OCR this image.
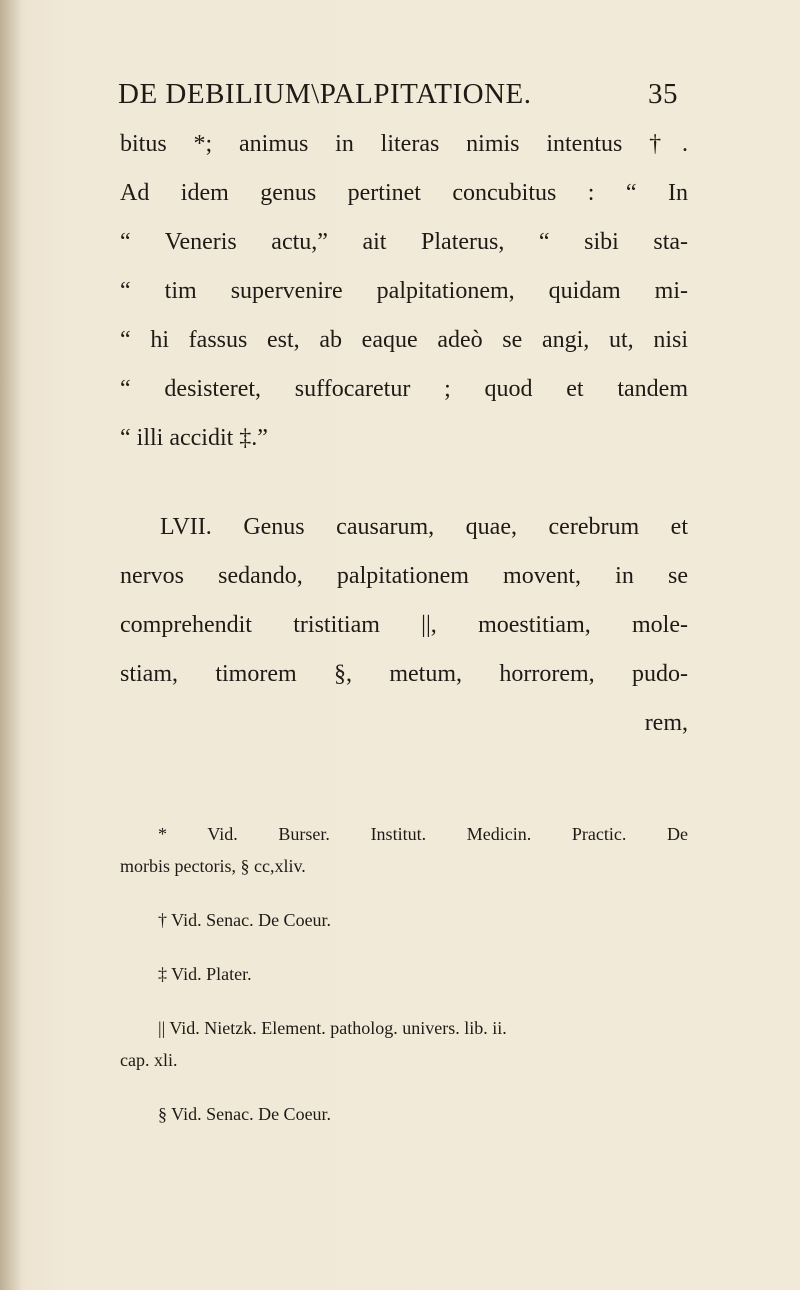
DE DEBILIUM\PALPITATIONE.	35
bitus *; animus in literas nimis intentus †.
Ad idem genus pertinet concubitus : “ In
“ Veneris actu,” ait Platerus, “ sibi sta-
“ tim supervenire palpitationem, quidam mi-
“ hi fassus est, ab eaque adeò se angi, ut, nisi
“ desisteret, suffocaretur ; quod et tandem
“ illi accidit ‡.”
LVII. Genus causarum, quae, cerebrum et
nervos sedando, palpitationem movent, in se
comprehendit tristitiam ||, moestitiam, mole-
stiam, timorem §, metum, horrorem, pudo-
rem,
* Vid. Burser. Institut. Medicin. Practic. De
morbis pectoris, § cc,xliv.
† Vid. Senac. De Coeur.
‡ Vid. Plater.
|| Vid. Nietzk. Element. patholog. univers. lib. ii.
cap. xli.
§ Vid. Senac. De Coeur.
